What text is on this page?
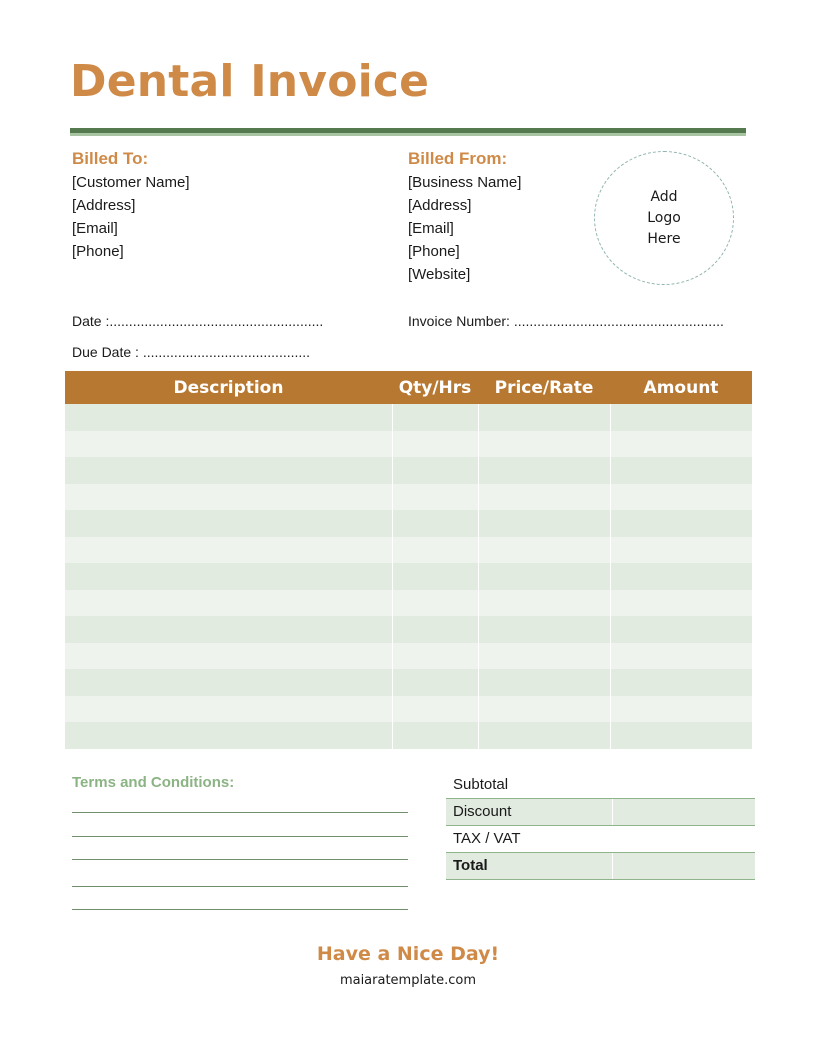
Dental Invoice
Billed To:
[Customer Name]
[Address]
[Email]
[Phone]
Billed From:
[Business Name]
[Address]
[Email]
[Phone]
[Website]
Add
Logo
Here
Date :.......................................................	Invoice Number: ......................................................
Due Date : ...........................................
Description	Qty/Hrs	Price/Rate	Amount

Terms and Conditions:	Subtotal	
Discount	
TAX / VAT	
Total	
Have a Nice Day!
maiaratemplate.com
